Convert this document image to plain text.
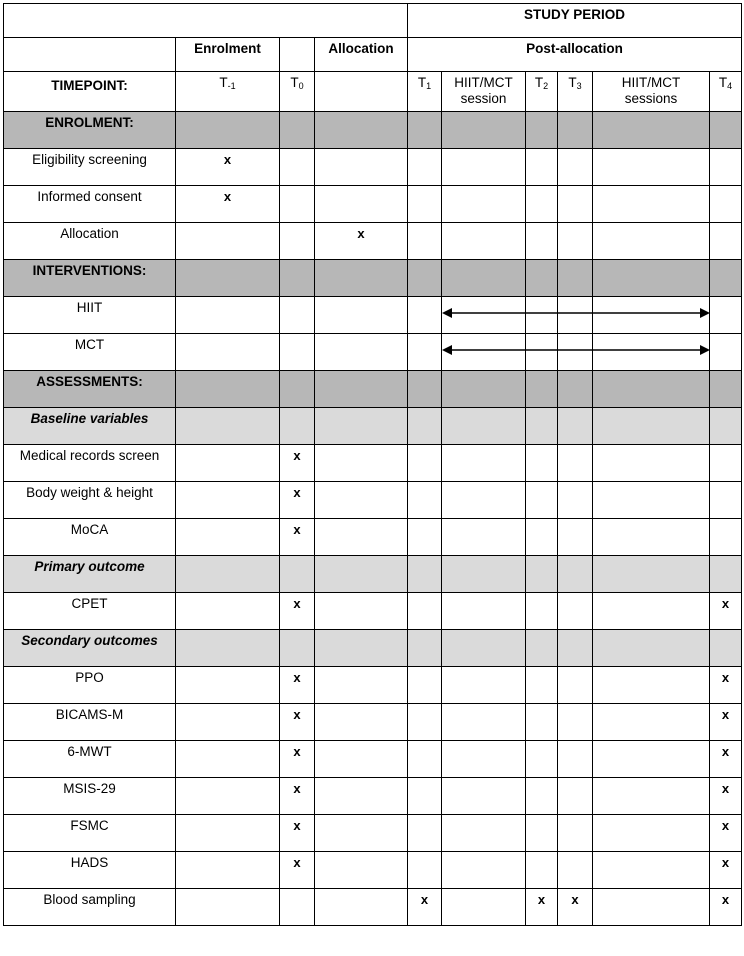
				STUDY PERIOD					

	Enrolment		Allocation	Post-allocation					

TIMEPOINT:	$T_{-1}$	$T_0$		$T_1$	HIIT/MCT session	$T_2$	$T_3$	HIIT/MCT sessions	$T_4$

ENROLMENT:									

Eligibility screening	x								

Informed consent	x								

Allocation			x						

INTERVENTIONS:									

HIIT

MCT

ASSESSMENTS:									

Baseline variables									

Medical records screen		x							

Body weight & height		x							

MoCA		x							

Primary outcome									

CPET		x							x

Secondary outcomes									

PPO		x							x

BICAMS-M		x							x

6-MWT		x							x

MSIS-29		x							x

FSMC		x							x

HADS		x							x

Blood sampling				x		x	x		x
